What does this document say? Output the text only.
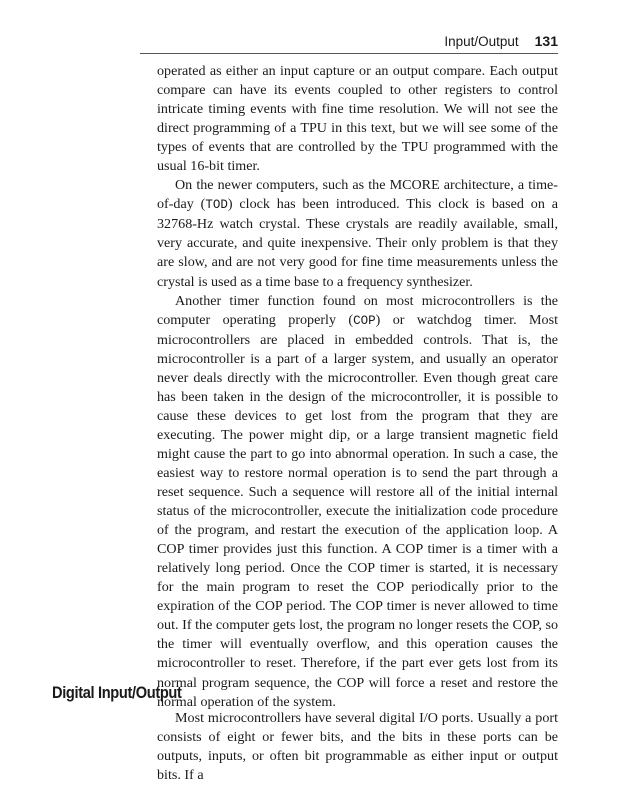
Input/Output 131

operated as either an input capture or an output compare. Each output compare can have its events coupled to other registers to control intricate timing events with fine time resolution. We will not see the direct programming of a TPU in this text, but we will see some of the types of events that are controlled by the TPU programmed with the usual 16-bit timer.

On the newer computers, such as the MCORE architecture, a time-of-day (TOD) clock has been introduced. This clock is based on a 32768-Hz watch crystal. These crystals are readily available, small, very accurate, and quite inexpensive. Their only problem is that they are slow, and are not very good for fine time measurements unless the crystal is used as a time base to a frequency synthesizer.

Another timer function found on most microcontrollers is the computer operating properly (COP) or watchdog timer. Most microcontrollers are placed in embedded controls. That is, the microcontroller is a part of a larger system, and usually an operator never deals directly with the microcontroller. Even though great care has been taken in the design of the microcontroller, it is possible to cause these devices to get lost from the program that they are executing. The power might dip, or a large transient magnetic field might cause the part to go into abnormal operation. In such a case, the easiest way to restore normal operation is to send the part through a reset sequence. Such a sequence will restore all of the initial internal status of the microcontroller, execute the initialization code procedure of the program, and restart the execution of the application loop. A COP timer provides just this function. A COP timer is a timer with a relatively long period. Once the COP timer is started, it is necessary for the main program to reset the COP periodically prior to the expiration of the COP period. The COP timer is never allowed to time out. If the computer gets lost, the program no longer resets the COP, so the timer will eventually overflow, and this operation causes the microcontroller to reset. Therefore, if the part ever gets lost from its normal program sequence, the COP will force a reset and restore the normal operation of the system.

Digital Input/Output

Most microcontrollers have several digital I/O ports. Usually a port consists of eight or fewer bits, and the bits in these ports can be outputs, inputs, or often bit programmable as either input or output bits. If a
